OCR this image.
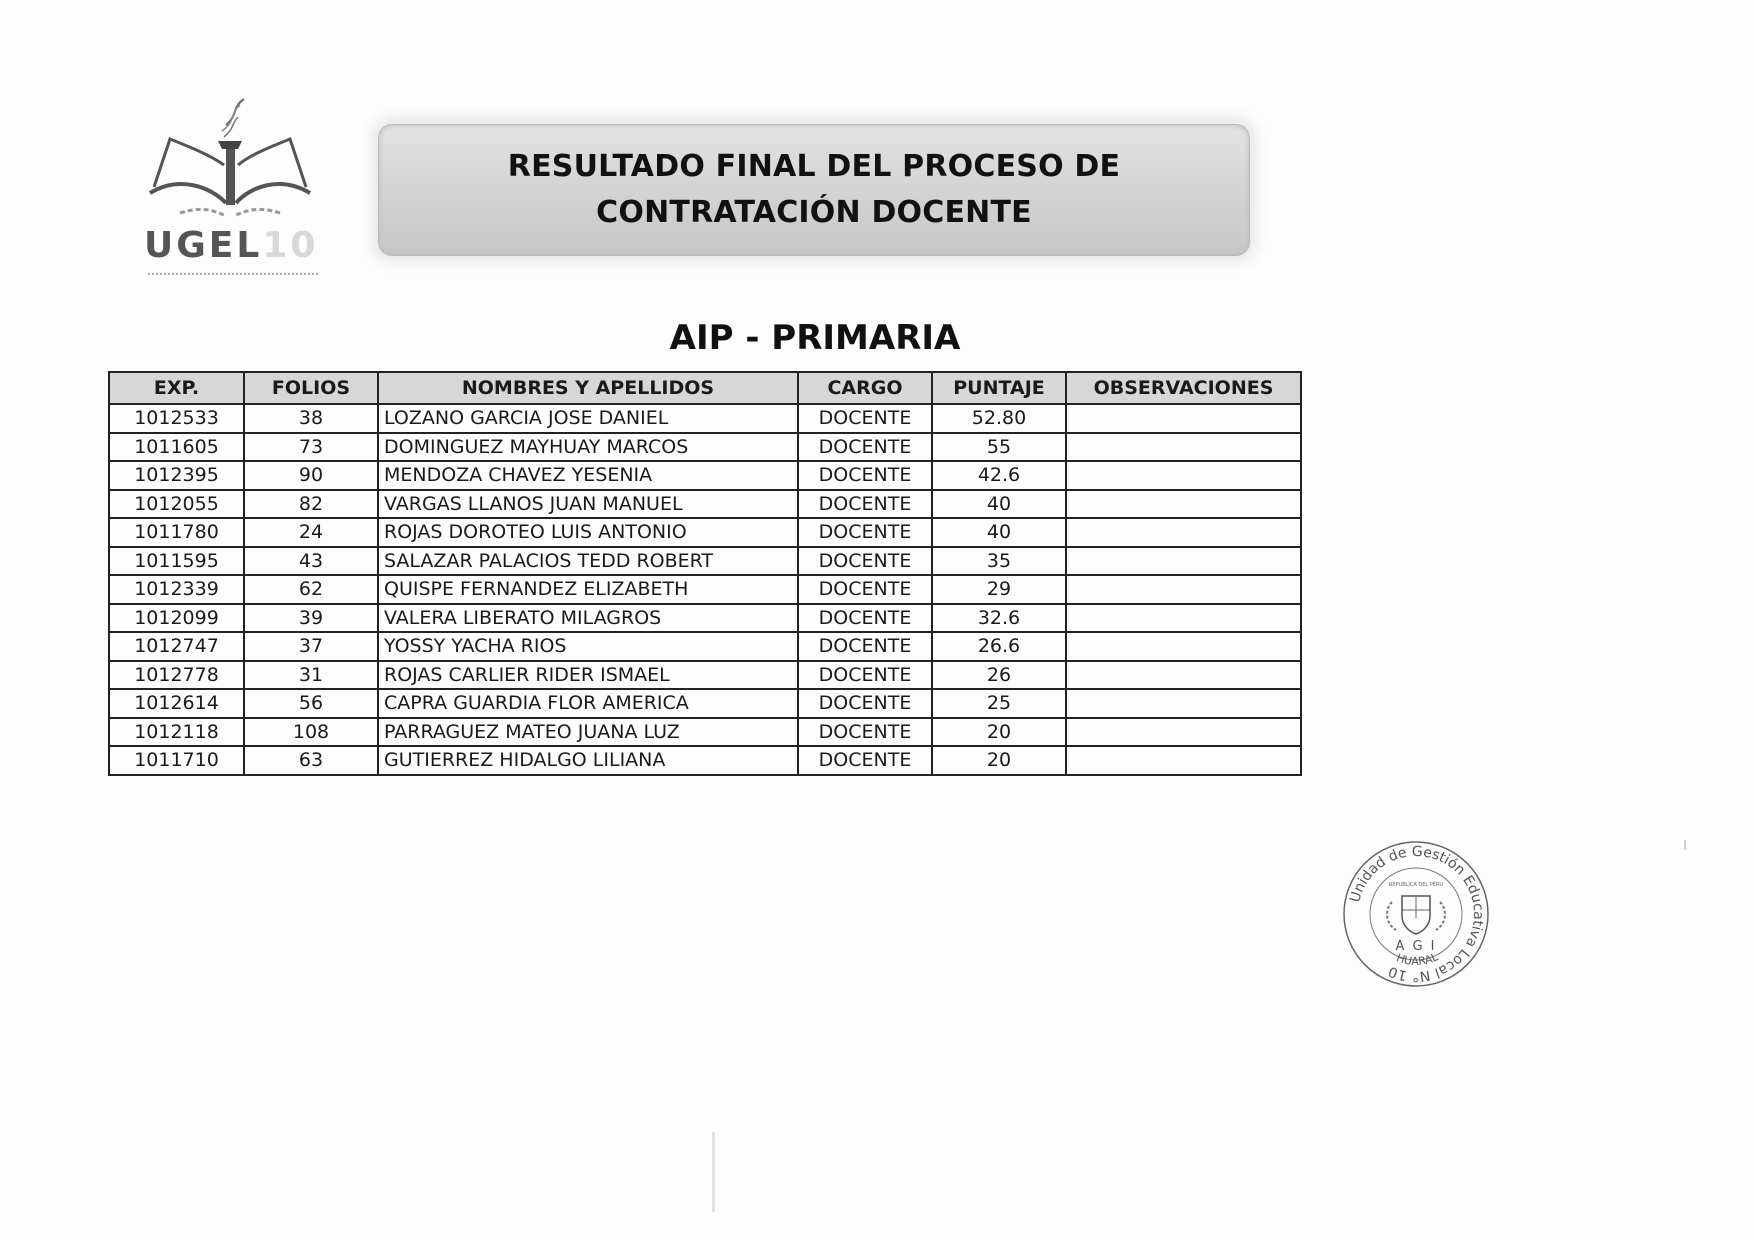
UGEL10
RESULTADO FINAL DEL PROCESO DE
CONTRATACIÓN DOCENTE
AIP - PRIMARIA
EXP.	FOLIOS	NOMBRES Y APELLIDOS	CARGO	PUNTAJE	OBSERVACIONES
1012533	38	LOZANO GARCIA JOSE DANIEL	DOCENTE	52.80	
1011605	73	DOMINGUEZ MAYHUAY MARCOS	DOCENTE	55	
1012395	90	MENDOZA CHAVEZ YESENIA	DOCENTE	42.6	
1012055	82	VARGAS LLANOS JUAN MANUEL	DOCENTE	40	
1011780	24	ROJAS DOROTEO LUIS ANTONIO	DOCENTE	40	
1011595	43	SALAZAR PALACIOS TEDD ROBERT	DOCENTE	35	
1012339	62	QUISPE FERNANDEZ ELIZABETH	DOCENTE	29	
1012099	39	VALERA LIBERATO MILAGROS	DOCENTE	32.6	
1012747	37	YOSSY YACHA RIOS	DOCENTE	26.6	
1012778	31	ROJAS CARLIER RIDER ISMAEL	DOCENTE	26	
1012614	56	CAPRA GUARDIA FLOR AMERICA	DOCENTE	25	
1012118	108	PARRAGUEZ MATEO JUANA LUZ	DOCENTE	20	
1011710	63	GUTIERREZ HIDALGO LILIANA	DOCENTE	20	
Unidad de Gestión Educativa Local N° 10
REPUBLICA DEL PERU
A G I
HUARAL
